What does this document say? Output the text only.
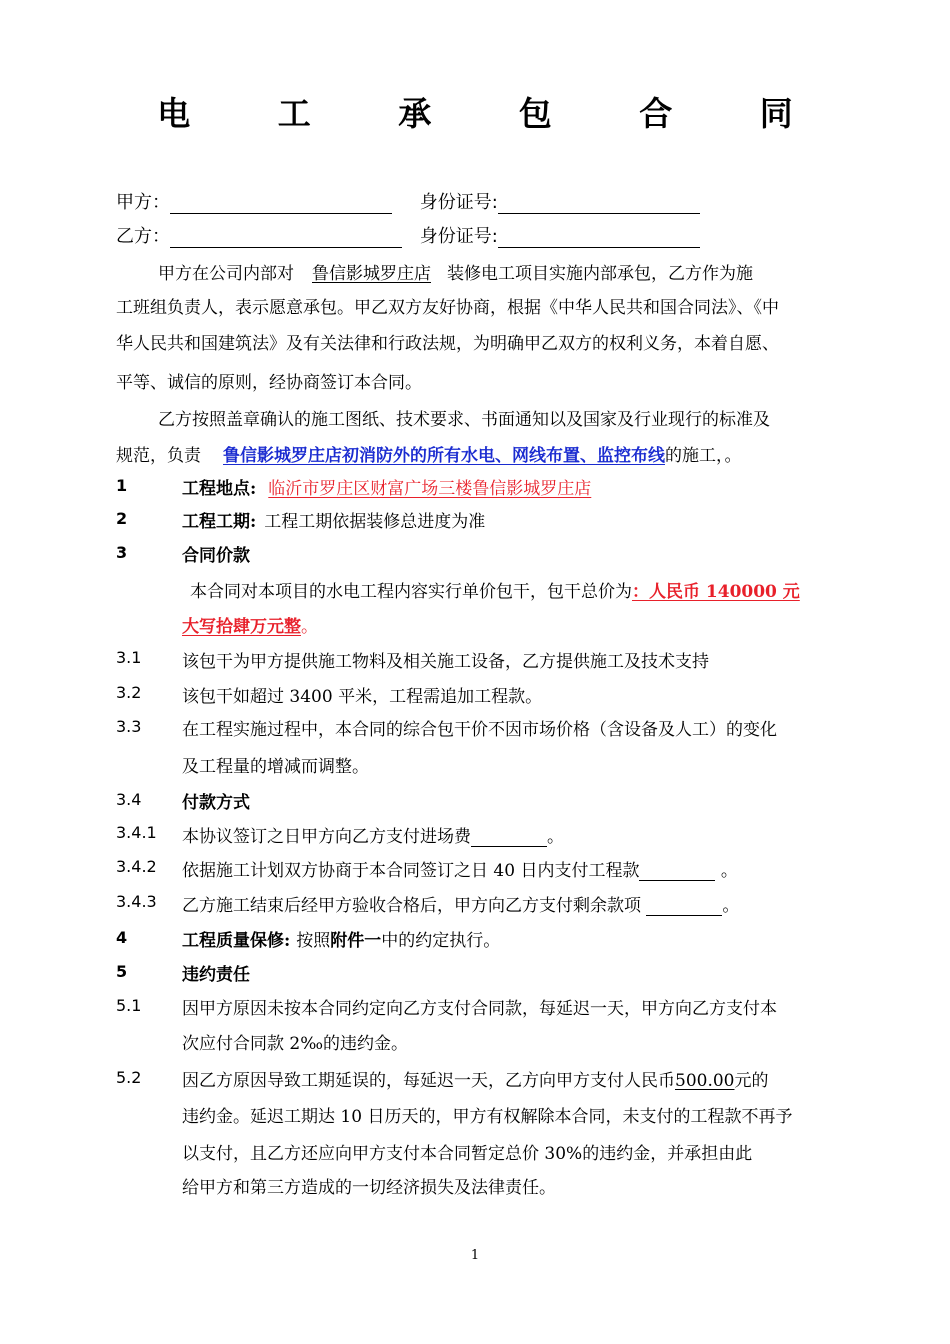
电 工 承 包 合 同
甲方：	身份证号:
乙方：	身份证号:
甲方在公司内部对 鲁信影城罗庄店 装修电工项目实施内部承包，乙方作为施
工班组负责人，表示愿意承包。甲乙双方友好协商，根据《中华人民共和国合同法》、《中
华人民共和国建筑法》及有关法律和行政法规，为明确甲乙双方的权利义务，本着自愿、
平等、诚信的原则，经协商签订本合同。
乙方按照盖章确认的施工图纸、技术要求、书面通知以及国家及行业现行的标准及
规范，负责 鲁信影城罗庄店初消防外的所有水电、网线布置、监控布线的施工，。
1	工程地点: 临沂市罗庄区财富广场三楼鲁信影城罗庄店
2	工程工期: 工程工期依据装修总进度为准
3	合同价款
本合同对本项目的水电工程内容实行单价包干，包干总价为：人民币 140000 元
大写拾肆万元整。
3.1 该包干为甲方提供施工物料及相关施工设备，乙方提供施工及技术支持
3.2 该包干如超过 3400 平米，工程需追加工程款。
3.3 在工程实施过程中，本合同的综合包干价不因市场价格（含设备及人工）的变化
及工程量的增减而调整。
3.4 付款方式
3.4.1 本协议签订之日甲方向乙方支付进场费	。
3.4.2 依据施工计划双方协商于本合同签订之日 40 日内支付工程款	。
3.4.3 乙方施工结束后经甲方验收合格后，甲方向乙方支付剩余款项	。
4	工程质量保修: 按照附件一中的约定执行。
5	违约责任
5.1 因甲方原因未按本合同约定向乙方支付合同款，每延迟一天，甲方向乙方支付本
次应付合同款 2‰的违约金。
5.2 因乙方原因导致工期延误的，每延迟一天，乙方向甲方支付人民币500.00元的
违约金。延迟工期达 10 日历天的，甲方有权解除本合同，未支付的工程款不再予
以支付，且乙方还应向甲方支付本合同暂定总价 30%的违约金，并承担由此
给甲方和第三方造成的一切经济损失及法律责任。
1
